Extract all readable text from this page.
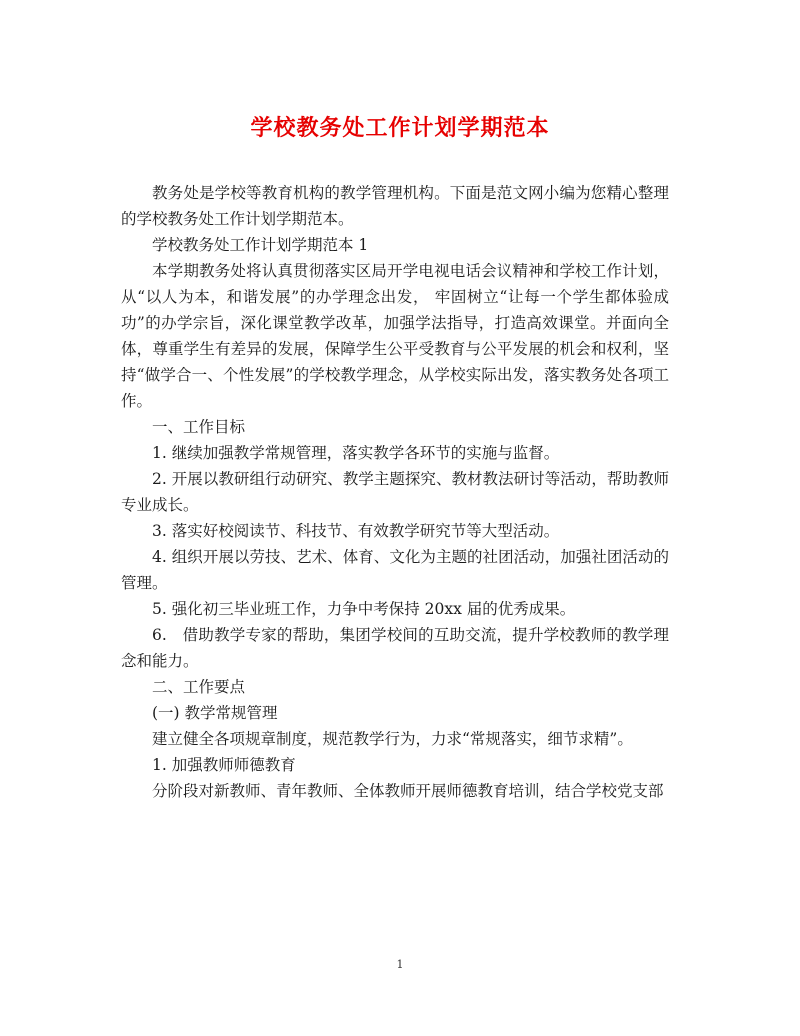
学校教务处工作计划学期范本

教务处是学校等教育机构的教学管理机构。下面是范文网小编为您精心整理的学校教务处工作计划学期范本。

学校教务处工作计划学期范本 1

本学期教务处将认真贯彻落实区局开学电视电话会议精神和学校工作计划，从“以人为本，和谐发展”的办学理念出发， 牢固树立“让每一个学生都体验成功”的办学宗旨，深化课堂教学改革，加强学法指导，打造高效课堂。并面向全体，尊重学生有差异的发展，保障学生公平受教育与公平发展的机会和权利，坚持“做学合一、个性发展”的学校教学理念，从学校实际出发，落实教务处各项工作。

一、工作目标

1. 继续加强教学常规管理，落实教学各环节的实施与监督。

2. 开展以教研组行动研究、教学主题探究、教材教法研讨等活动，帮助教师专业成长。

3. 落实好校阅读节、科技节、有效教学研究节等大型活动。

4. 组织开展以劳技、艺术、体育、文化为主题的社团活动，加强社团活动的管理。

5. 强化初三毕业班工作，力争中考保持 20xx 届的优秀成果。

6.　借助教学专家的帮助，集团学校间的互助交流，提升学校教师的教学理念和能力。

二、工作要点

(一) 教学常规管理

建立健全各项规章制度，规范教学行为，力求“常规落实，细节求精”。

1. 加强教师师德教育

分阶段对新教师、青年教师、全体教师开展师德教育培训，结合学校党支部

1
